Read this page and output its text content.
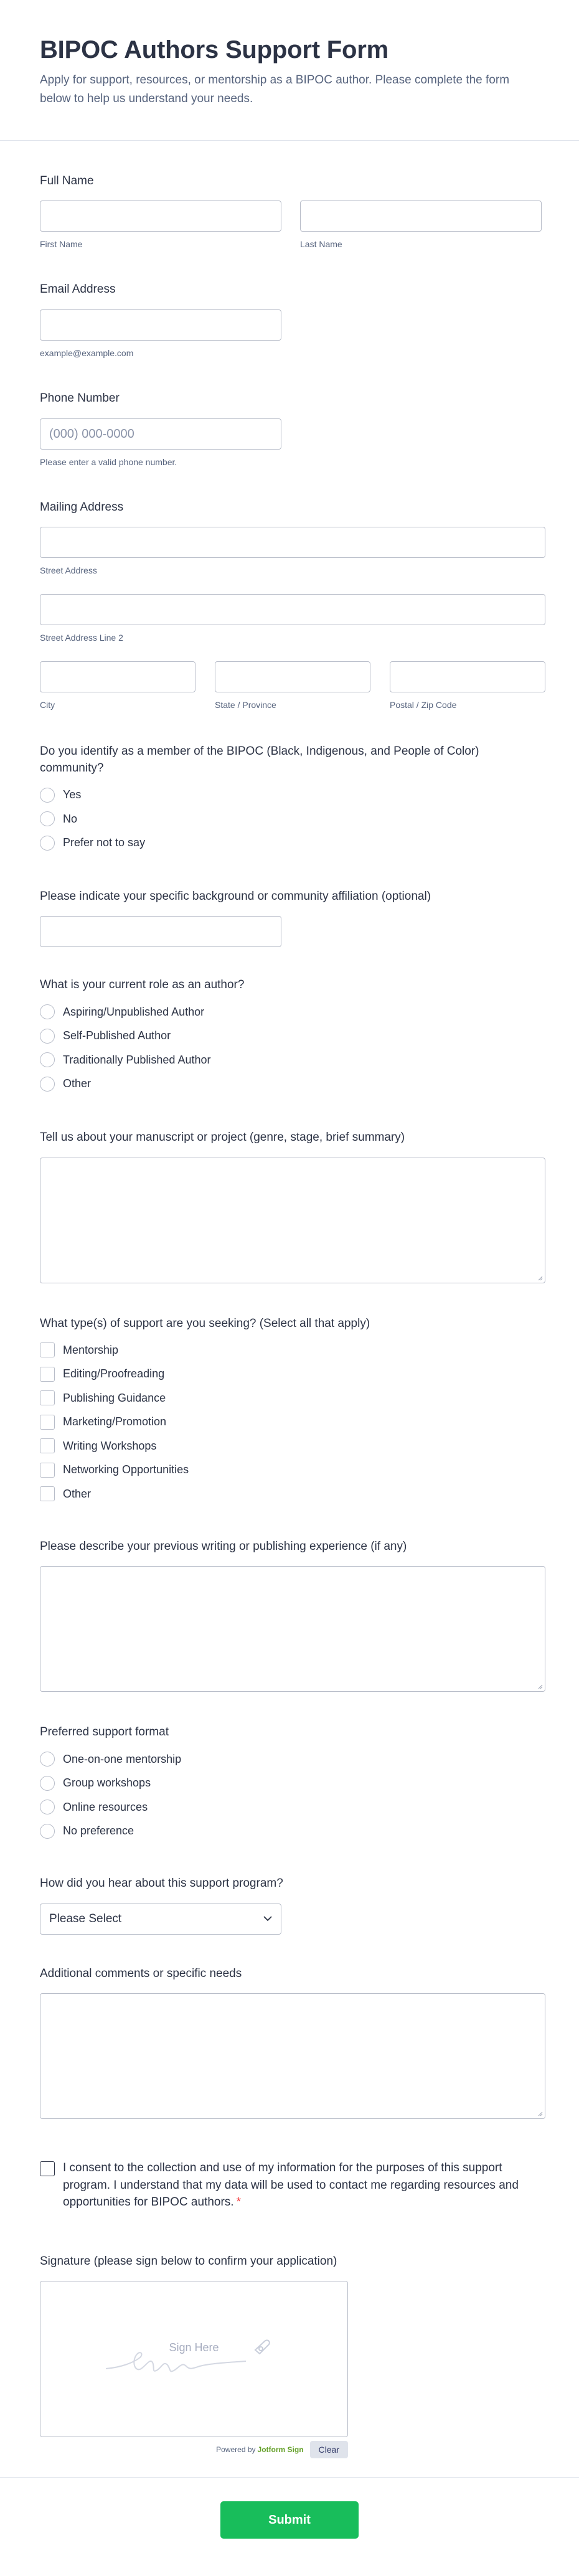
BIPOC Authors Support Form

Apply for support, resources, or mentorship as a BIPOC author. Please complete the form below to help us understand your needs.

Full Name
First Name	Last Name
Email Address
example@example.com
Phone Number
(000) 000-0000
Please enter a valid phone number.
Mailing Address
Street Address
Street Address Line 2
City	State / Province	Postal / Zip Code
Do you identify as a member of the BIPOC (Black, Indigenous, and People of Color) community?
Yes
No
Prefer not to say
Please indicate your specific background or community affiliation (optional)
What is your current role as an author?
Aspiring/Unpublished Author
Self-Published Author
Traditionally Published Author
Other
Tell us about your manuscript or project (genre, stage, brief summary)
What type(s) of support are you seeking? (Select all that apply)
Mentorship
Editing/Proofreading
Publishing Guidance
Marketing/Promotion
Writing Workshops
Networking Opportunities
Other
Please describe your previous writing or publishing experience (if any)
Preferred support format
One-on-one mentorship
Group workshops
Online resources
No preference
How did you hear about this support program?
Please Select
Additional comments or specific needs
I consent to the collection and use of my information for the purposes of this support program. I understand that my data will be used to contact me regarding resources and opportunities for BIPOC authors. *
Signature (please sign below to confirm your application)
Sign Here
Powered by Jotform Sign	Clear
Submit Application
